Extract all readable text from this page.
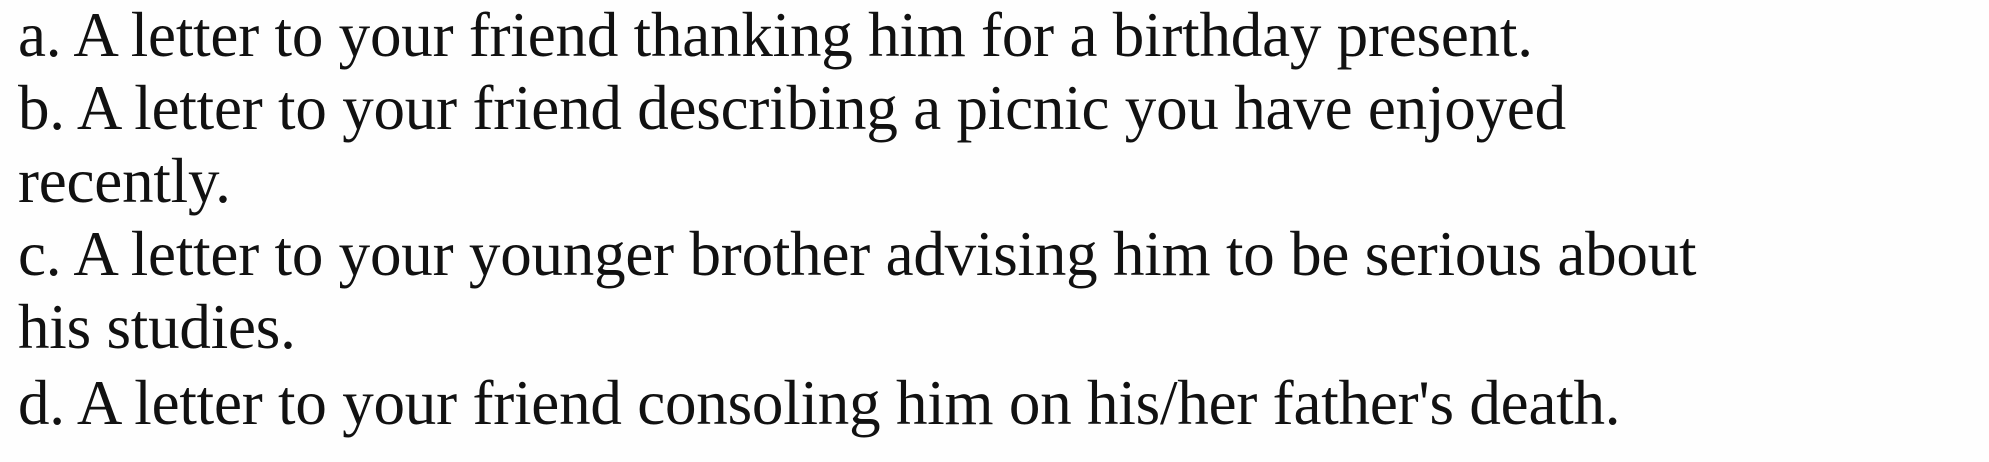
a. A letter to your friend thanking him for a birthday present.
b. A letter to your friend describing a picnic you have enjoyed
recently.
c. A letter to your younger brother advising him to be serious about
his studies.
d. A letter to your friend consoling him on his/her father's death.
